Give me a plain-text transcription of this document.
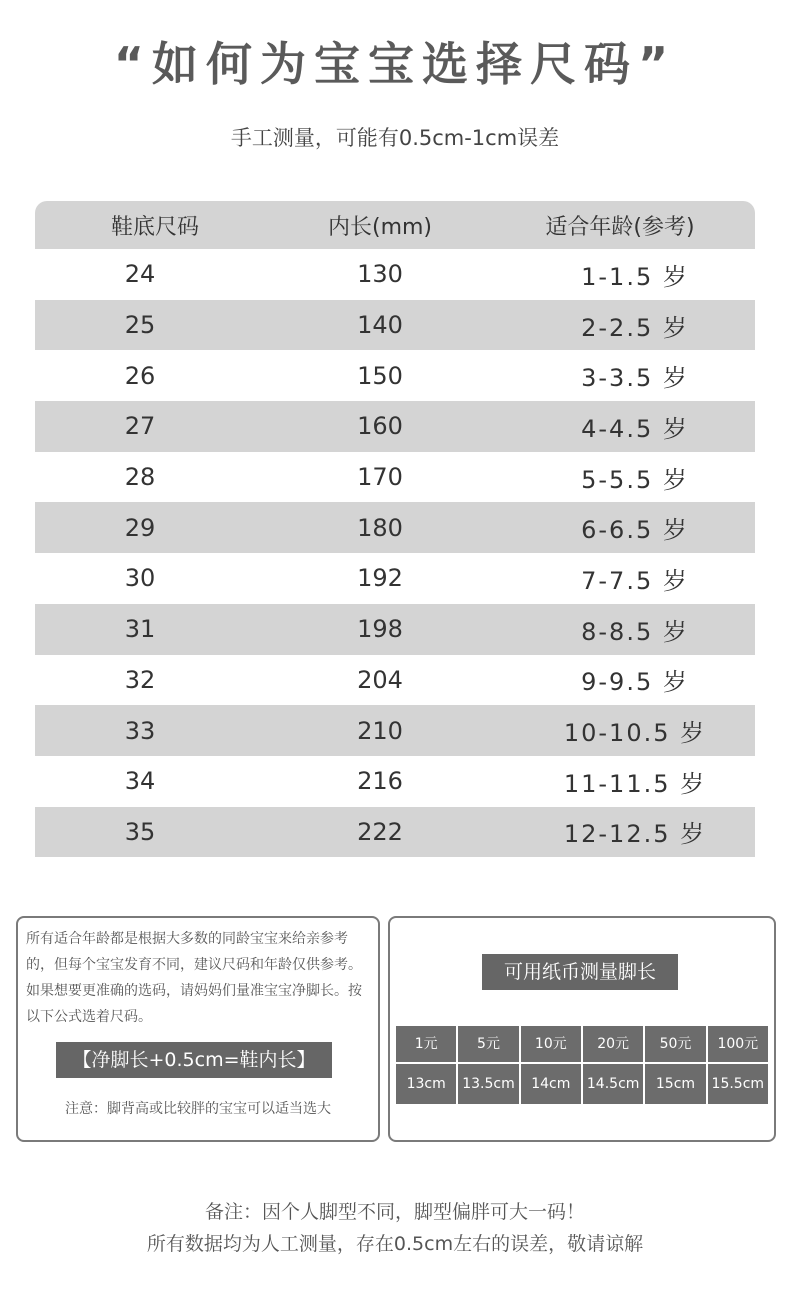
“如何为宝宝选择尺码”
手工测量，可能有0.5cm-1cm误差
鞋底尺码	内长(mm)	适合年龄(参考)
24	130	1-1.5 岁
25	140	2-2.5 岁
26	150	3-3.5 岁
27	160	4-4.5 岁
28	170	5-5.5 岁
29	180	6-6.5 岁
30	192	7-7.5 岁
31	198	8-8.5 岁
32	204	9-9.5 岁
33	210	10-10.5 岁
34	216	11-11.5 岁
35	222	12-12.5 岁
所有适合年龄都是根据大多数的同龄宝宝来给亲参考的，但每个宝宝发育不同，建议尺码和年龄仅供参考。如果想要更准确的选码，请妈妈们量准宝宝净脚长。按以下公式选着尺码。
【净脚长+0.5cm=鞋内长】
注意：脚背高或比较胖的宝宝可以适当选大
可用纸币测量脚长
1元	5元	10元	20元	50元	100元
13cm	13.5cm	14cm	14.5cm	15cm	15.5cm
备注：因个人脚型不同，脚型偏胖可大一码！
所有数据均为人工测量，存在0.5cm左右的误差，敬请谅解
